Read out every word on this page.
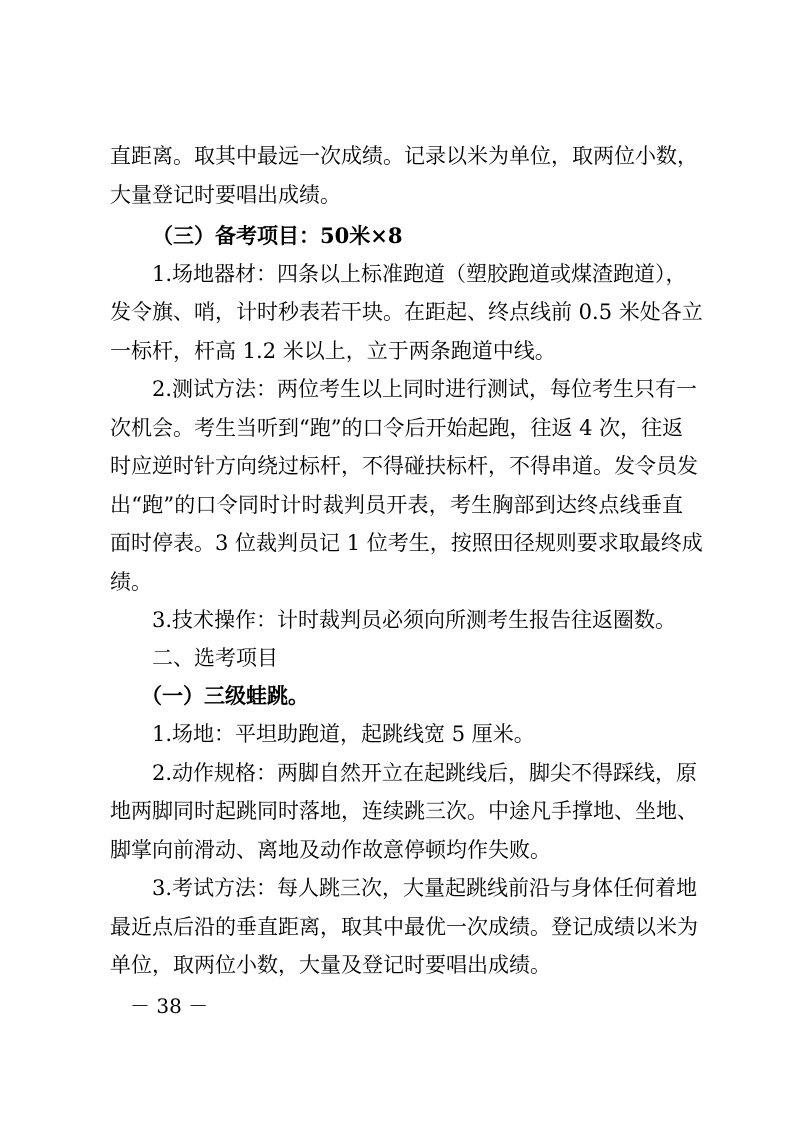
直距离。取其中最远一次成绩。记录以米为单位，取两位小数，
大量登记时要唱出成绩。
（三）备考项目：50米×8
1.场地器材：四条以上标准跑道（塑胶跑道或煤渣跑道），
发令旗、哨，计时秒表若干块。在距起、终点线前 0.5 米处各立
一标杆，杆高 1.2 米以上，立于两条跑道中线。
2.测试方法：两位考生以上同时进行测试，每位考生只有一
次机会。考生当听到“跑”的口令后开始起跑，往返 4 次，往返
时应逆时针方向绕过标杆，不得碰扶标杆，不得串道。发令员发
出“跑”的口令同时计时裁判员开表，考生胸部到达终点线垂直
面时停表。3 位裁判员记 1 位考生，按照田径规则要求取最终成
绩。
3.技术操作：计时裁判员必须向所测考生报告往返圈数。
二、选考项目
（一）三级蛙跳。
1.场地：平坦助跑道，起跳线宽 5 厘米。
2.动作规格：两脚自然开立在起跳线后，脚尖不得踩线，原
地两脚同时起跳同时落地，连续跳三次。中途凡手撑地、坐地、
脚掌向前滑动、离地及动作故意停顿均作失败。
3.考试方法：每人跳三次，大量起跳线前沿与身体任何着地
最近点后沿的垂直距离，取其中最优一次成绩。登记成绩以米为
单位，取两位小数，大量及登记时要唱出成绩。
－ 38 －
